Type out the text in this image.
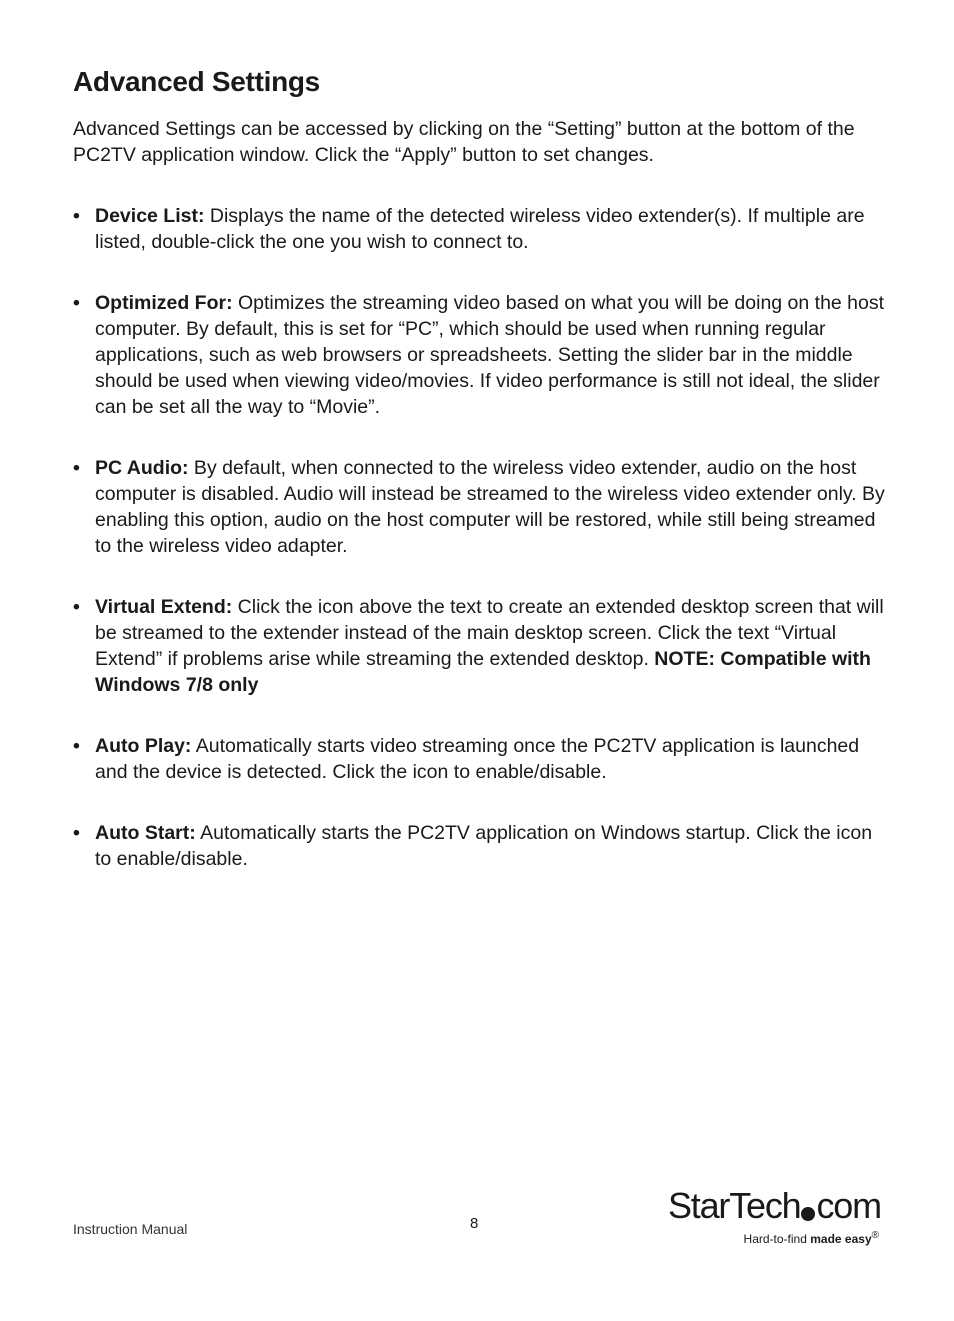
Advanced Settings

Advanced Settings can be accessed by clicking on the “Setting” button at the bottom of the PC2TV application window. Click the “Apply” button to set changes.

• Device List: Displays the name of the detected wireless video extender(s). If multiple are listed, double-click the one you wish to connect to.
• Optimized For: Optimizes the streaming video based on what you will be doing on the host computer. By default, this is set for “PC”, which should be used when running regular applications, such as web browsers or spreadsheets. Setting the slider bar in the middle should be used when viewing video/movies. If video performance is still not ideal, the slider can be set all the way to “Movie”.
• PC Audio: By default, when connected to the wireless video extender, audio on the host computer is disabled. Audio will instead be streamed to the wireless video extender only. By enabling this option, audio on the host computer will be restored, while still being streamed to the wireless video adapter.
• Virtual Extend: Click the icon above the text to create an extended desktop screen that will be streamed to the extender instead of the main desktop screen. Click the text “Virtual Extend” if problems arise while streaming the extended desktop. NOTE: Compatible with Windows 7/8 only
• Auto Play: Automatically starts video streaming once the PC2TV application is launched and the device is detected. Click the icon to enable/disable.
• Auto Start: Automatically starts the PC2TV application on Windows startup. Click the icon to enable/disable.
Instruction Manual	8	StarTech com
Hard-to-find made easy®
